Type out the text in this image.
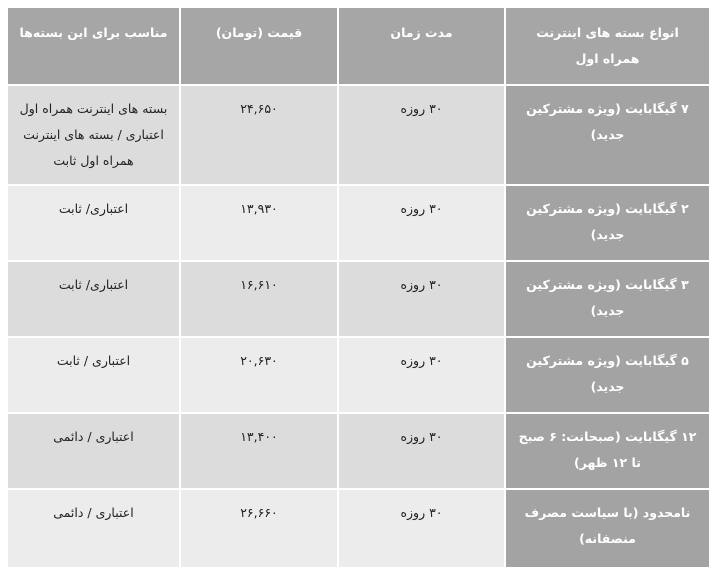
انواع بسته های اینترنت همراه اول	مدت زمان	قیمت (تومان)	مناسب برای این بسته‌ها
۷ گیگابایت (ویژه مشترکین جدید)	۳۰ روزه	۲۴,۶۵۰	بسته های اینترنت همراه اول اعتباری / بسته های اینترنت همراه اول ثابت
۲ گیگابایت (ویژه مشترکین جدید)	۳۰ روزه	۱۳,۹۳۰	اعتباری/ ثابت
۳ گیگابایت (ویژه مشترکین جدید)	۳۰ روزه	۱۶,۶۱۰	اعتباری/ ثابت
۵ گیگابایت (ویژه مشترکین جدید)	۳۰ روزه	۲۰,۶۳۰	اعتباری / ثابت
۱۲ گیگابایت (صبحانت: ۶ صبح تا ۱۲ ظهر)	۳۰ روزه	۱۳,۴۰۰	اعتباری / دائمی
نامحدود (با سیاست مصرف منصفانه)	۳۰ روزه	۲۶,۶۶۰	اعتباری / دائمی
